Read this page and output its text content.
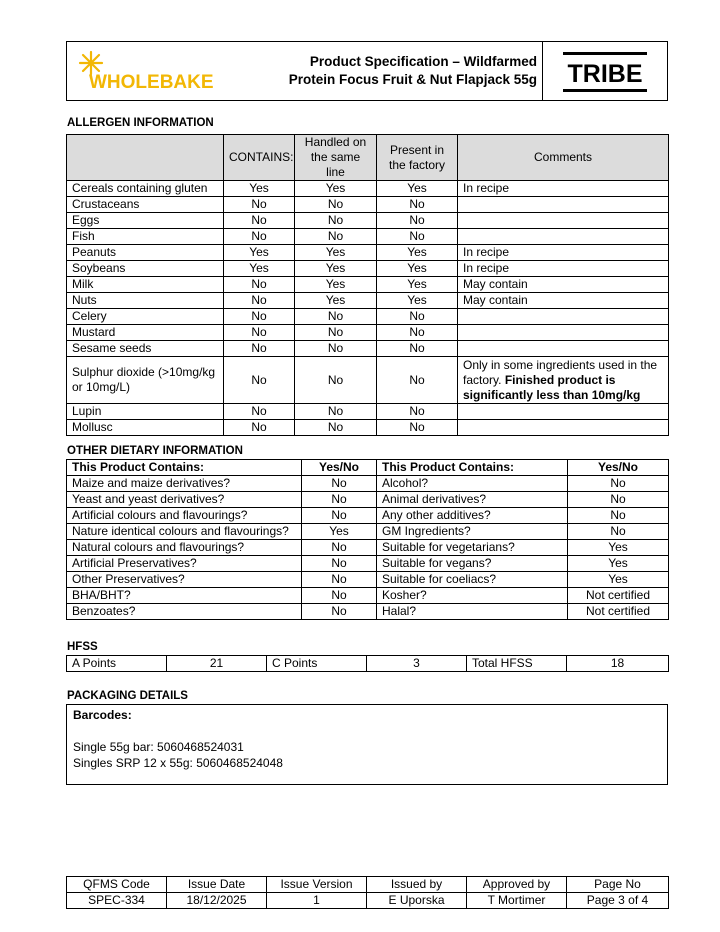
WHOLEBAKE
Product Specification – Wildfarmed
Protein Focus Fruit & Nut Flapjack 55g TRIBE
ALLERGEN INFORMATION
	CONTAINS:	Handled on the same line	Present in the factory	Comments
Cereals containing gluten	Yes	Yes	Yes	In recipe
Crustaceans	No	No	No	
Eggs	No	No	No	
Fish	No	No	No	
Peanuts	Yes	Yes	Yes	In recipe
Soybeans	Yes	Yes	Yes	In recipe
Milk	No	Yes	Yes	May contain
Nuts	No	Yes	Yes	May contain
Celery	No	No	No	
Mustard	No	No	No	
Sesame seeds	No	No	No	
Sulphur dioxide (>10mg/kg or 10mg/L)	No	No	No	Only in some ingredients used in the factory. Finished product is significantly less than 10mg/kg
Lupin	No	No	No	
Mollusc	No	No	No	
OTHER DIETARY INFORMATION
This Product Contains:	Yes/No	This Product Contains:	Yes/No
Maize and maize derivatives?	No	Alcohol?	No
Yeast and yeast derivatives?	No	Animal derivatives?	No
Artificial colours and flavourings?	No	Any other additives?	No
Nature identical colours and flavourings?	Yes	GM Ingredients?	No
Natural colours and flavourings?	No	Suitable for vegetarians?	Yes
Artificial Preservatives?	No	Suitable for vegans?	Yes
Other Preservatives?	No	Suitable for coeliacs?	Yes
BHA/BHT?	No	Kosher?	Not certified
Benzoates?	No	Halal?	Not certified
HFSS
A Points	21	C Points	3	Total HFSS	18
PACKAGING DETAILS
Barcodes:
Single 55g bar: 5060468524031
Singles SRP 12 x 55g: 5060468524048
QFMS Code	Issue Date	Issue Version	Issued by	Approved by	Page No
SPEC-334	18/12/2025	1	E Uporska	T Mortimer	Page 3 of 4
